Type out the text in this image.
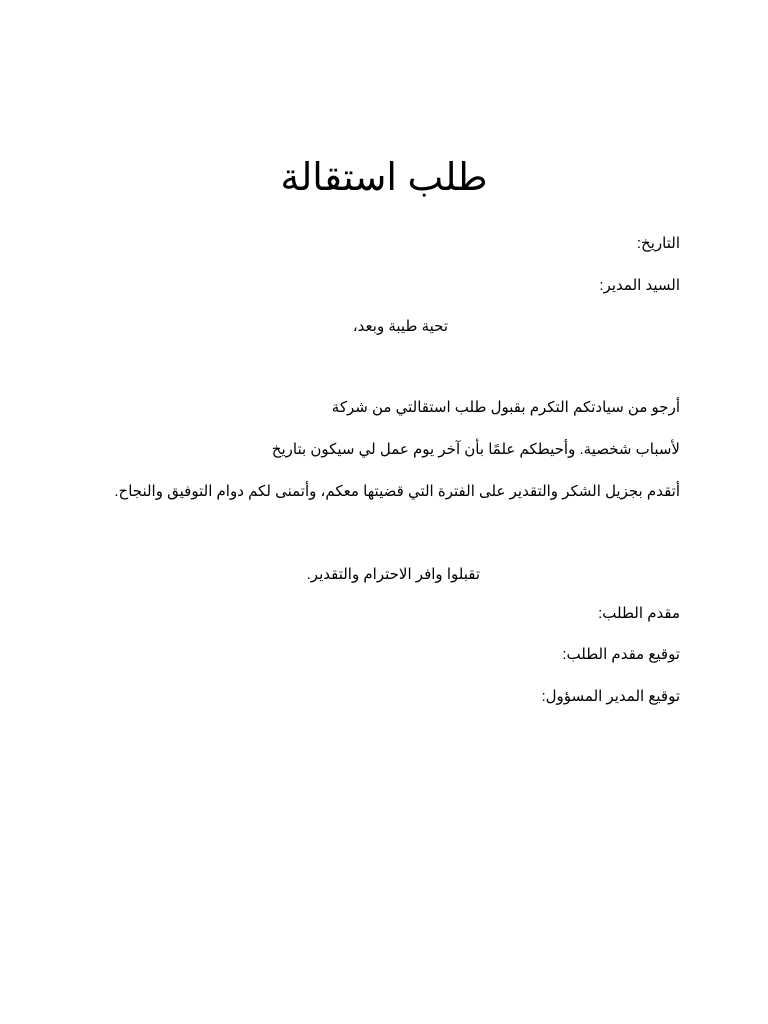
طلب استقالة
التاريخ:
السيد المدير:
تحية طيبة وبعد،
أرجو من سيادتكم التكرم بقبول طلب استقالتي من شركة
لأسباب شخصية. وأحيطكم علمًا بأن آخر يوم عمل لي سيكون بتاريخ
أتقدم بجزيل الشكر والتقدير على الفترة التي قضيتها معكم، وأتمنى لكم دوام التوفيق والنجاح.
تقبلوا وافر الاحترام والتقدير.
مقدم الطلب:
توقيع مقدم الطلب:
توقيع المدير المسؤول:
